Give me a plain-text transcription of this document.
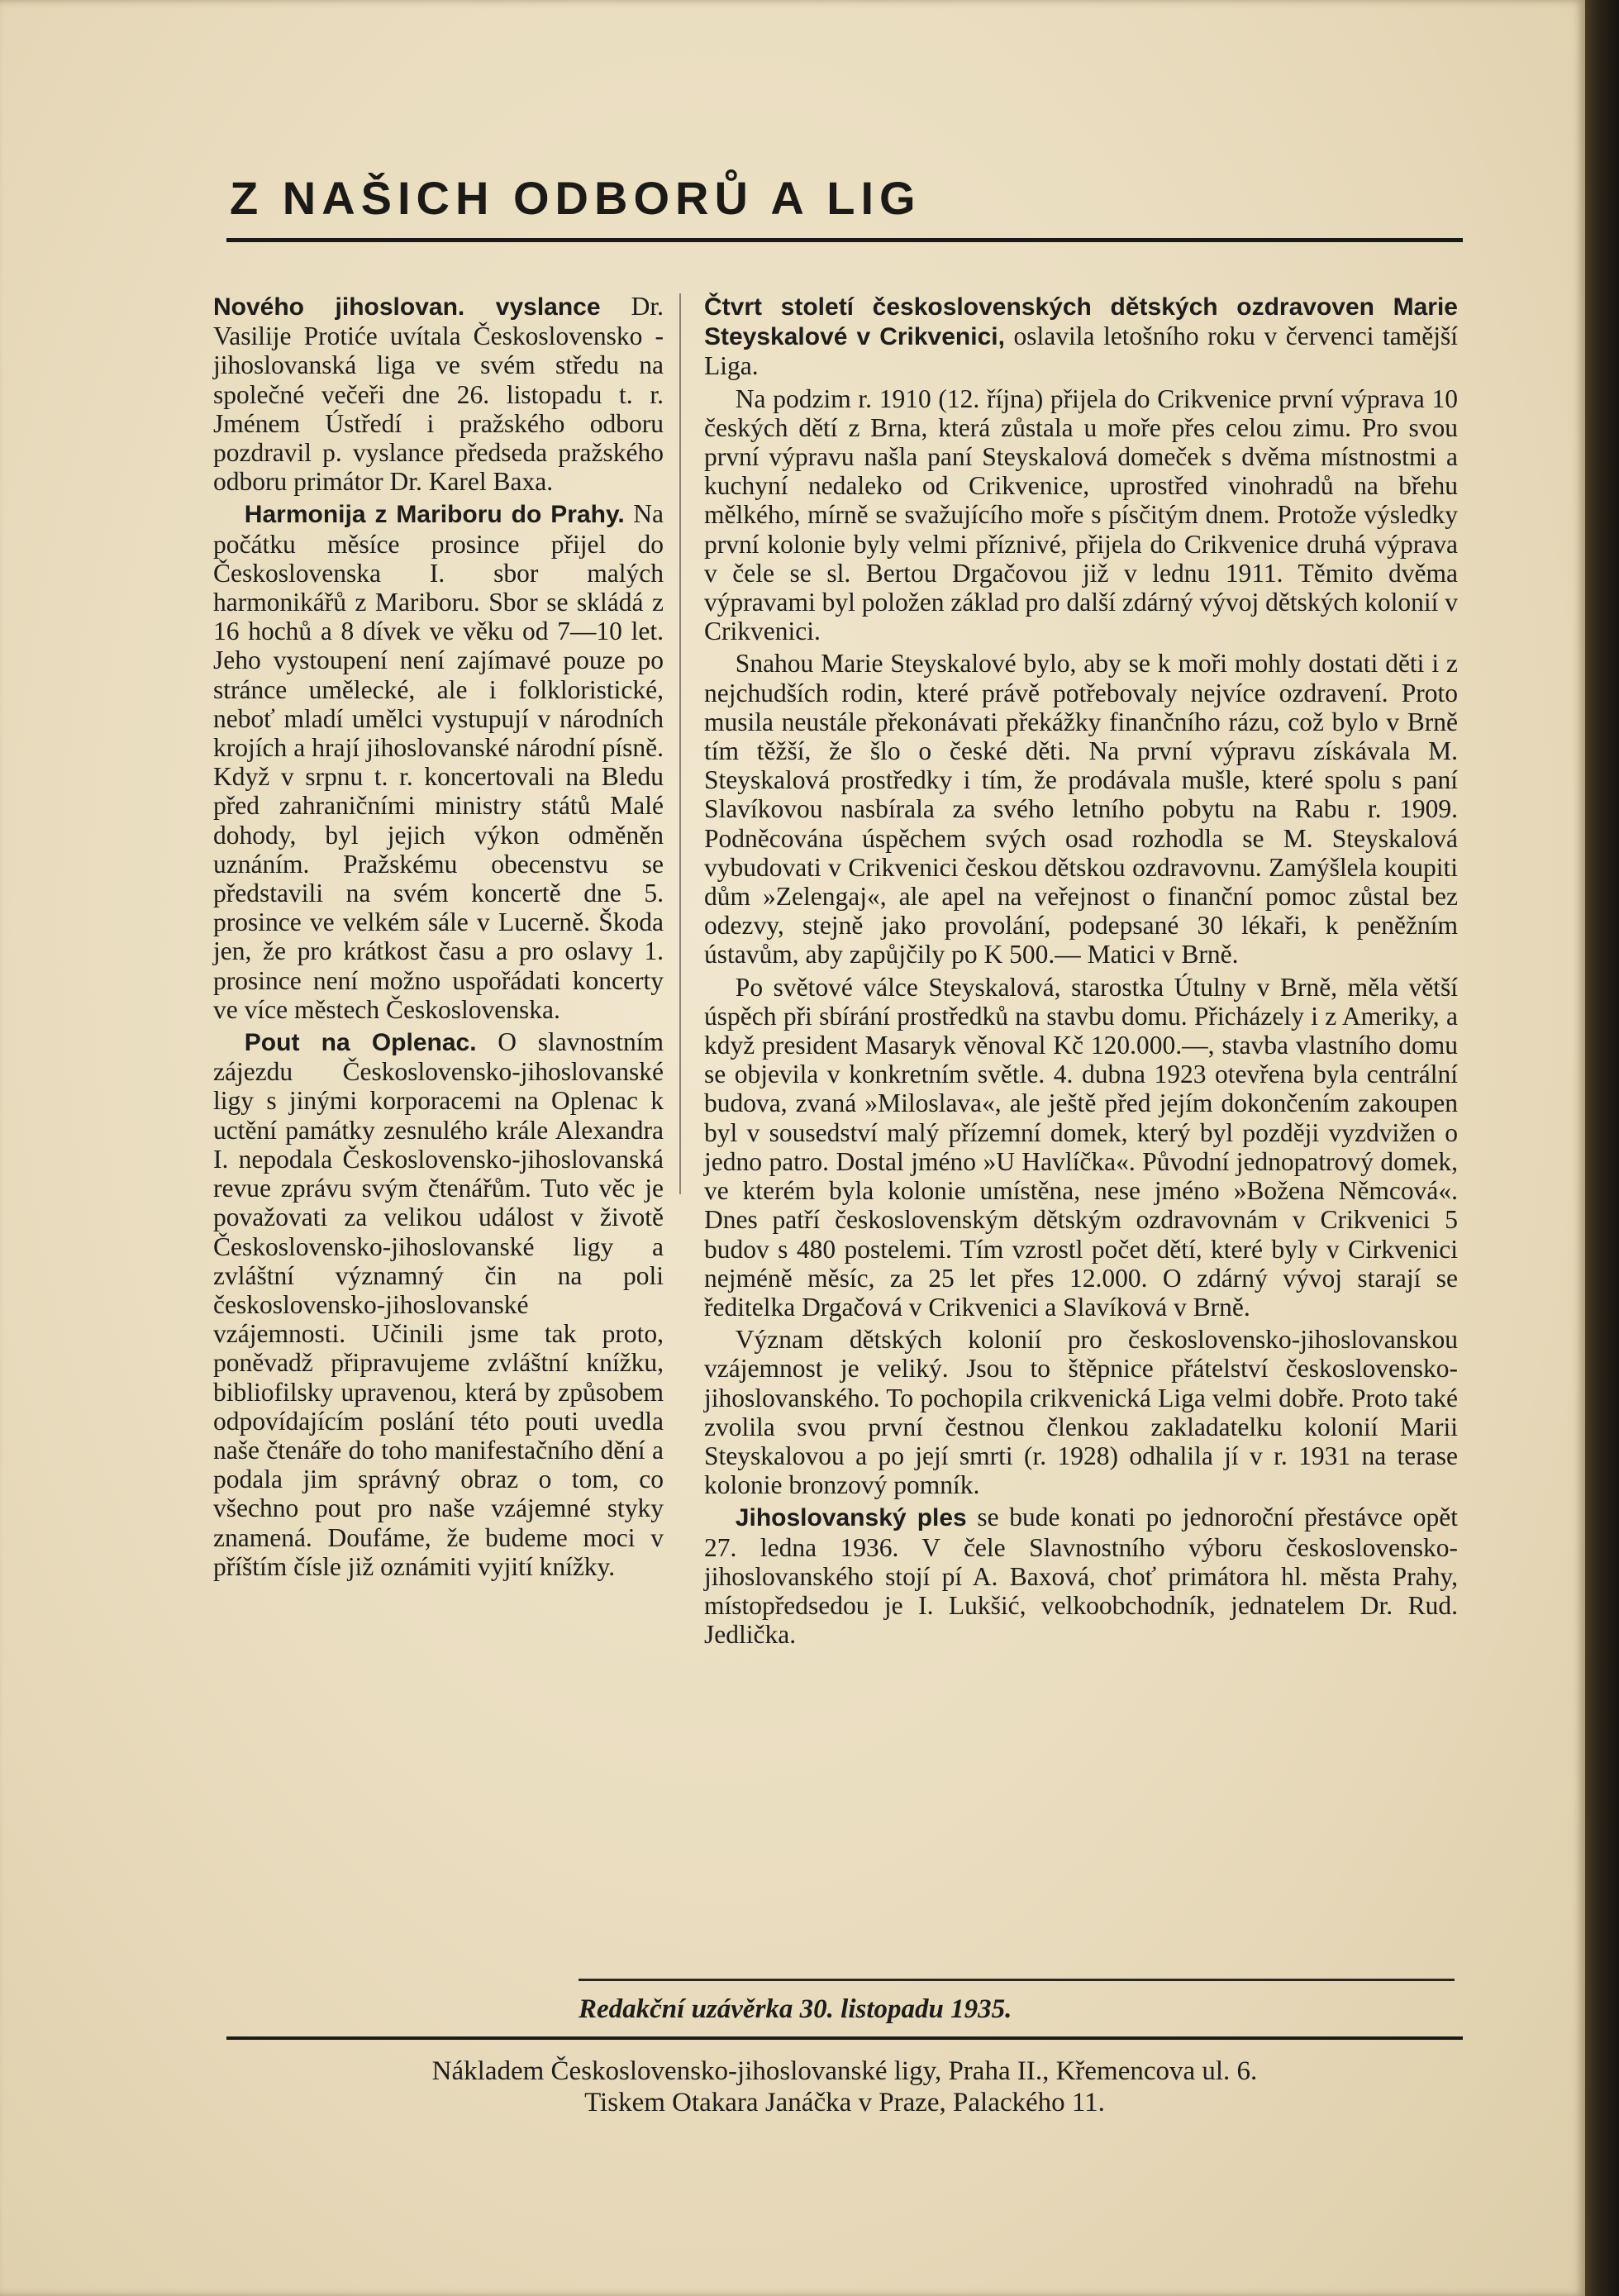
Z NAŠICH ODBORŮ A LIG

Nového jihoslovan. vyslance Dr. Vasilije Protiće uvítala Československo - jihoslovanská liga ve svém středu na společné večeři dne 26. listopadu t. r. Jménem Ústředí i pražského odboru pozdravil p. vyslance předseda pražského odboru primátor Dr. Karel Baxa.

Harmonija z Mariboru do Prahy. Na počátku měsíce prosince přijel do Československa I. sbor malých harmonikářů z Mariboru. Sbor se skládá z 16 hochů a 8 dívek ve věku od 7—10 let. Jeho vystoupení není zajímavé pouze po stránce umělecké, ale i folkloristické, neboť mladí umělci vystupují v národních krojích a hrají jihoslovanské národní písně. Když v srpnu t. r. koncertovali na Bledu před zahraničními ministry států Malé dohody, byl jejich výkon odměněn uznáním. Pražskému obecenstvu se představili na svém koncertě dne 5. prosince ve velkém sále v Lucerně. Škoda jen, že pro krátkost času a pro oslavy 1. prosince není možno uspořádati koncerty ve více městech Československa.

Pout na Oplenac. O slavnostním zájezdu Československo-jihoslovanské ligy s jinými korporacemi na Oplenac k uctění památky zesnulého krále Alexandra I. nepodala Československo-jihoslovanská revue zprávu svým čtenářům. Tuto věc je považovati za velikou událost v životě Československo-jihoslovanské ligy a zvláštní významný čin na poli československo-jihoslovanské vzájemnosti. Učinili jsme tak proto, poněvadž připravujeme zvláštní knížku, bibliofilsky upravenou, která by způsobem odpovídajícím poslání této pouti uvedla naše čtenáře do toho manifestačního dění a podala jim správný obraz o tom, co všechno pout pro naše vzájemné styky znamená. Doufáme, že budeme moci v příštím čísle již oznámiti vyjití knížky.

Čtvrt století československých dětských ozdravoven Marie Steyskalové v Crikvenici, oslavila letošního roku v červenci tamější Liga.

Na podzim r. 1910 (12. října) přijela do Crikvenice první výprava 10 českých dětí z Brna, která zůstala u moře přes celou zimu. Pro svou první výpravu našla paní Steyskalová domeček s dvěma místnostmi a kuchyní nedaleko od Crikvenice, uprostřed vinohradů na břehu mělkého, mírně se svažujícího moře s písčitým dnem. Protože výsledky první kolonie byly velmi příznivé, přijela do Crikvenice druhá výprava v čele se sl. Bertou Drgačovou již v lednu 1911. Těmito dvěma výpravami byl položen základ pro další zdárný vývoj dětských kolonií v Crikvenici.

Snahou Marie Steyskalové bylo, aby se k moři mohly dostati děti i z nejchudších rodin, které právě potřebovaly nejvíce ozdravení. Proto musila neustále překonávati překážky finančního rázu, což bylo v Brně tím těžší, že šlo o české děti. Na první výpravu získávala M. Steyskalová prostředky i tím, že prodávala mušle, které spolu s paní Slavíkovou nasbírala za svého letního pobytu na Rabu r. 1909. Podněcována úspěchem svých osad rozhodla se M. Steyskalová vybudovati v Crikvenici českou dětskou ozdravovnu. Zamýšlela koupiti dům »Zelengaj«, ale apel na veřejnost o finanční pomoc zůstal bez odezvy, stejně jako provolání, podepsané 30 lékaři, k peněžním ústavům, aby zapůjčily po K 500.— Matici v Brně.

Po světové válce Steyskalová, starostka Útulny v Brně, měla větší úspěch při sbírání prostředků na stavbu domu. Přicházely i z Ameriky, a když president Masaryk věnoval Kč 120.000.—, stavba vlastního domu se objevila v konkretním světle. 4. dubna 1923 otevřena byla centrální budova, zvaná »Miloslava«, ale ještě před jejím dokončením zakoupen byl v sousedství malý přízemní domek, který byl později vyzdvižen o jedno patro. Dostal jméno »U Havlíčka«. Původní jednopatrový domek, ve kterém byla kolonie umístěna, nese jméno »Božena Němcová«. Dnes patří československým dětským ozdravovnám v Crikvenici 5 budov s 480 postelemi. Tím vzrostl počet dětí, které byly v Cirkvenici nejméně měsíc, za 25 let přes 12.000. O zdárný vývoj starají se ředitelka Drgačová v Crikvenici a Slavíková v Brně.

Význam dětských kolonií pro československo-jihoslovanskou vzájemnost je veliký. Jsou to štěpnice přátelství československo-jihoslovanského. To pochopila crikvenická Liga velmi dobře. Proto také zvolila svou první čestnou členkou zakladatelku kolonií Marii Steyskalovou a po její smrti (r. 1928) odhalila jí v r. 1931 na terase kolonie bronzový pomník.

Jihoslovanský ples se bude konati po jednoroční přestávce opět 27. ledna 1936. V čele Slavnostního výboru československo-jihoslovanského stojí pí A. Baxová, choť primátora hl. města Prahy, místopředsedou je I. Lukšić, velkoobchodník, jednatelem Dr. Rud. Jedlička.

Redakční uzávěrka 30. listopadu 1935.

Nákladem Československo-jihoslovanské ligy, Praha II., Křemencova ul. 6.
Tiskem Otakara Janáčka v Praze, Palackého 11.
